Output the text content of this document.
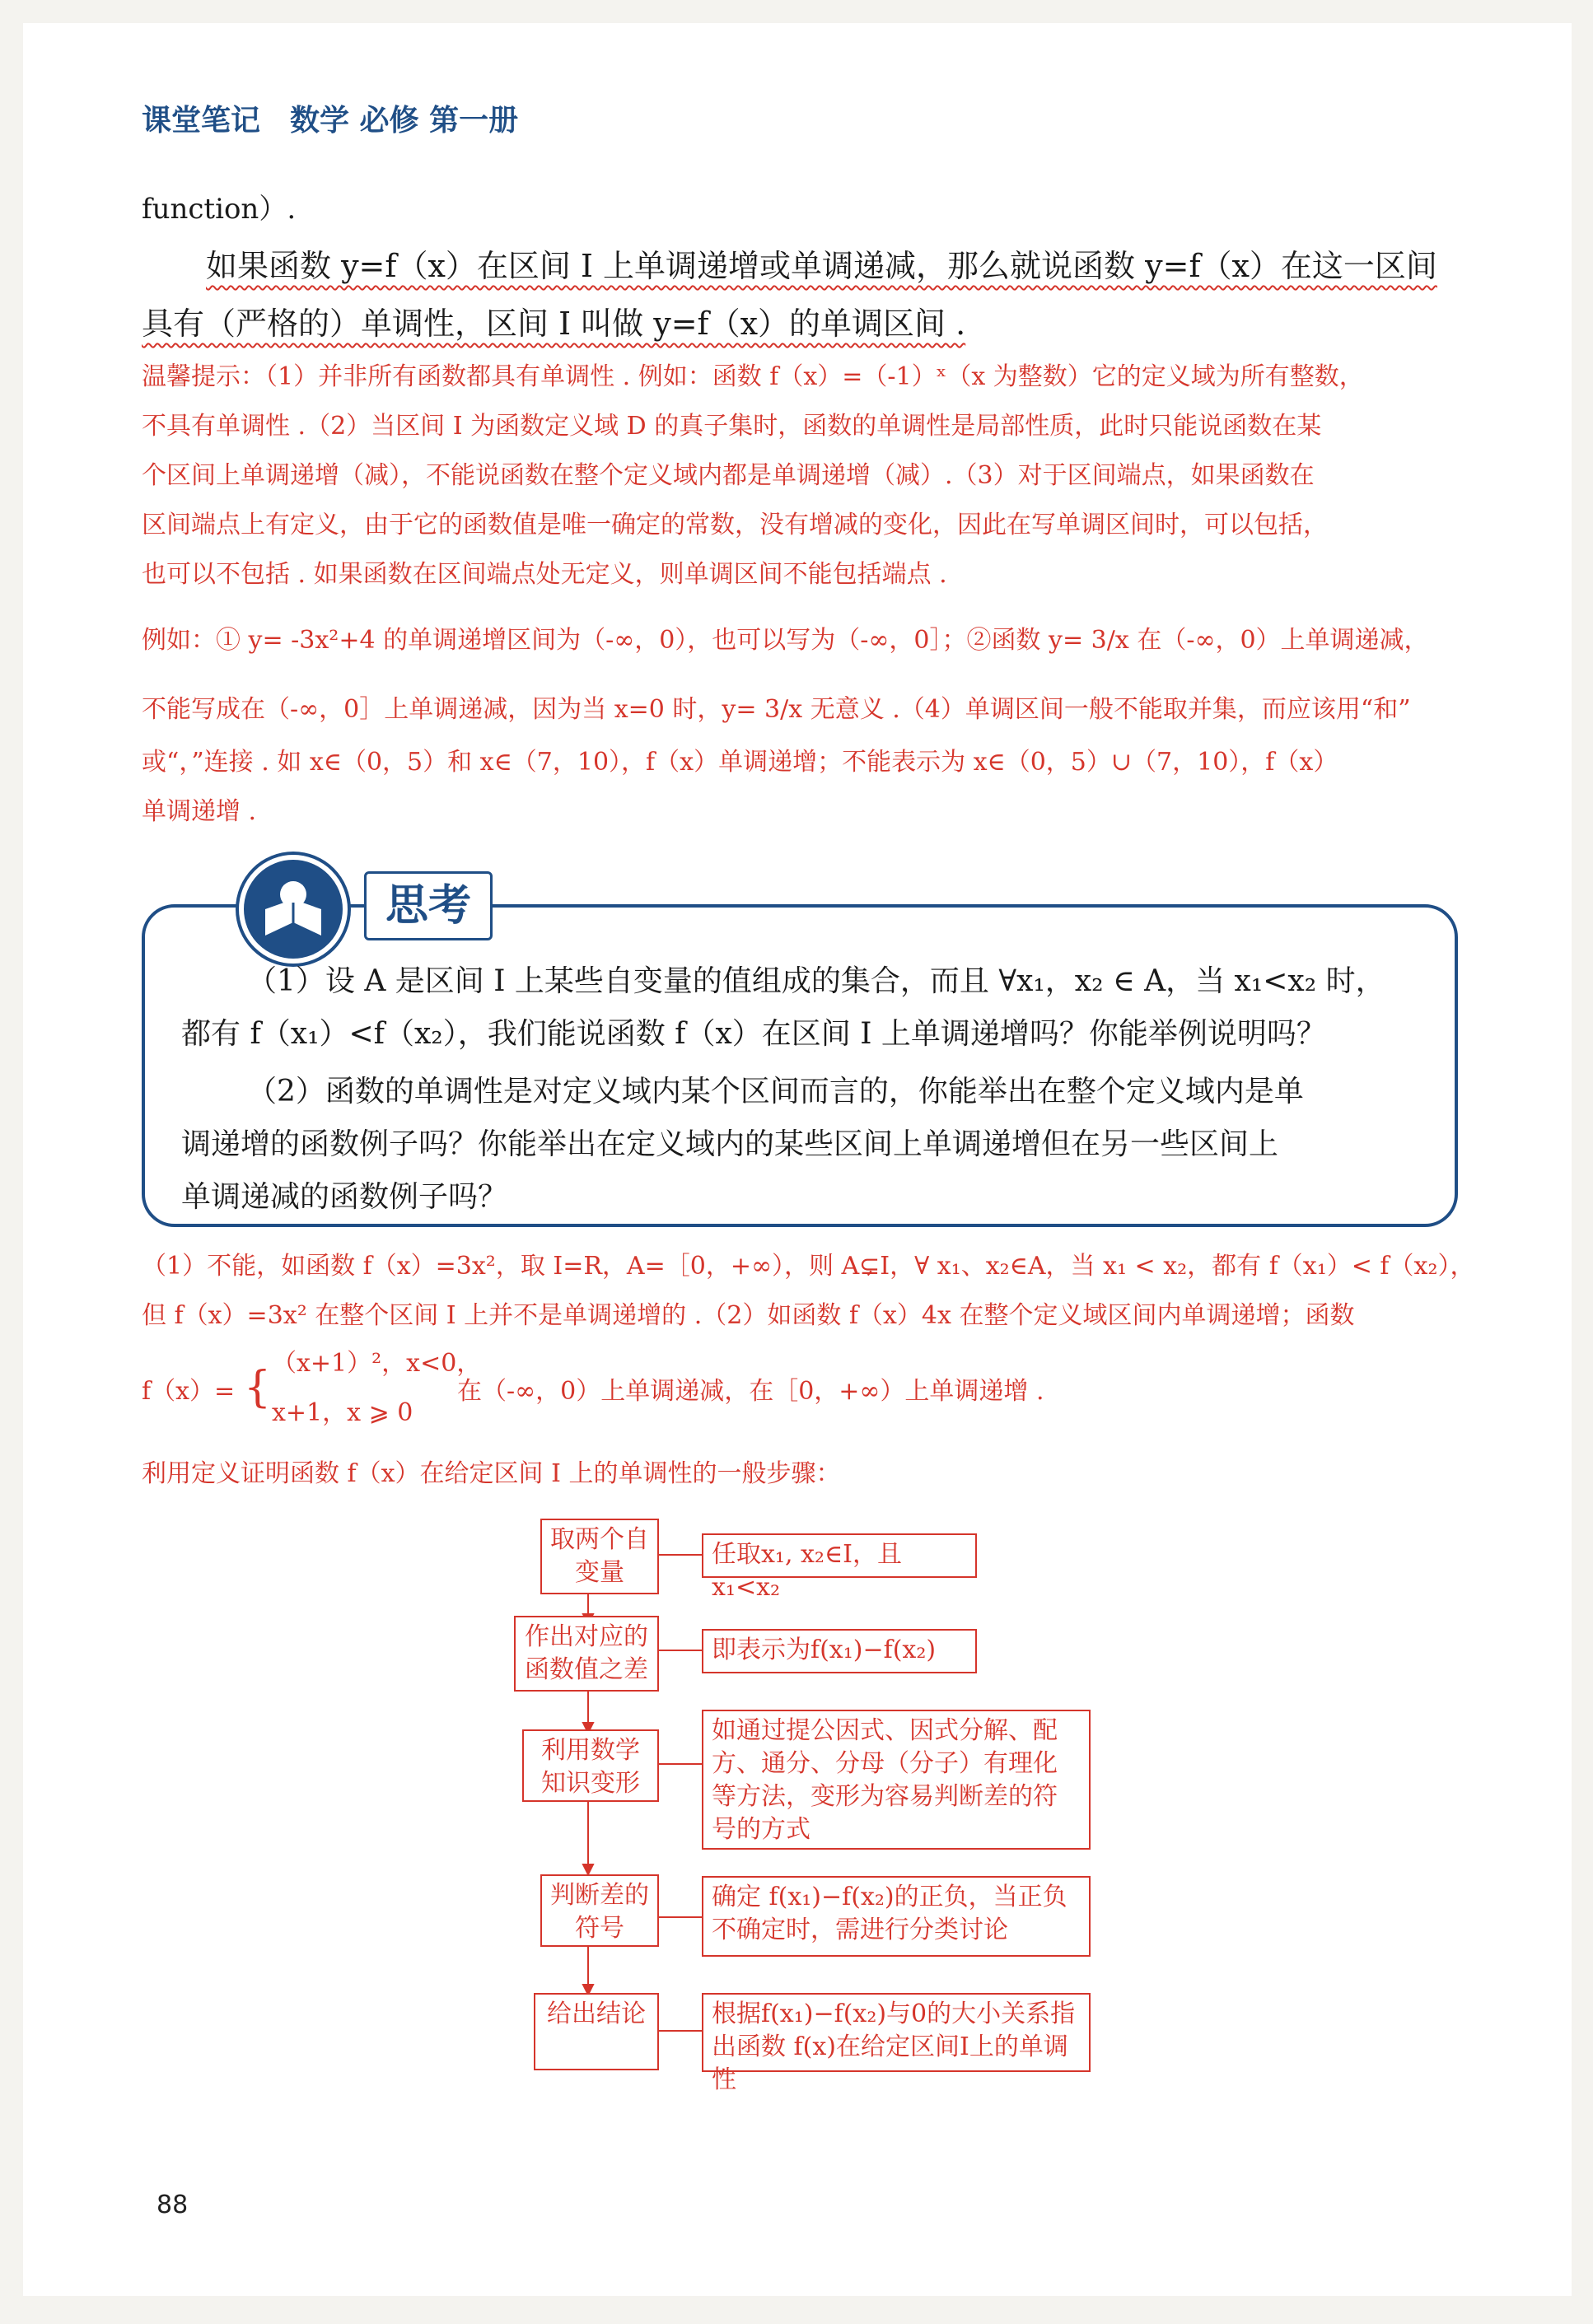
课堂笔记　数学 必修 第一册
function）.
如果函数 y=f（x）在区间 I 上单调递增或单调递减，那么就说函数 y=f（x）在这一区间
具有（严格的）单调性，区间 I 叫做 y=f（x）的单调区间 .
温馨提示：（1）并非所有函数都具有单调性 . 例如：函数 f（x）=（-1）ˣ（x 为整数）它的定义域为所有整数，
不具有单调性 .（2）当区间 I 为函数定义域 D 的真子集时，函数的单调性是局部性质，此时只能说函数在某
个区间上单调递增（减），不能说函数在整个定义域内都是单调递增（减）.（3）对于区间端点，如果函数在
区间端点上有定义，由于它的函数值是唯一确定的常数，没有增减的变化，因此在写单调区间时，可以包括，
也可以不包括 . 如果函数在区间端点处无定义，则单调区间不能包括端点 .
例如：① y= -3x²+4 的单调递增区间为（-∞，0），也可以写为（-∞，0］；②函数 y= 3/x 在（-∞，0）上单调递减，
不能写成在（-∞，0］上单调递减，因为当 x=0 时，y= 3/x 无意义 .（4）单调区间一般不能取并集，而应该用“和”
或“，”连接 . 如 x∈（0，5）和 x∈（7，10），f（x）单调递增；不能表示为 x∈（0，5）∪（7，10），f（x）
单调递增 .
思考
（1）设 A 是区间 I 上某些自变量的值组成的集合，而且 ∀x₁，x₂ ∈ A，当 x₁<x₂ 时，
都有 f（x₁）<f（x₂），我们能说函数 f（x）在区间 I 上单调递增吗？你能举例说明吗？
（2）函数的单调性是对定义域内某个区间而言的，你能举出在整个定义域内是单
调递增的函数例子吗？你能举出在定义域内的某些区间上单调递增但在另一些区间上
单调递减的函数例子吗？
（1）不能，如函数 f（x）=3x²，取 I=R，A=［0，+∞），则 A⊊I，∀ x₁、x₂∈A，当 x₁ < x₂，都有 f（x₁）< f（x₂），
但 f（x）=3x² 在整个区间 I 上并不是单调递增的 .（2）如函数 f（x）4x 在整个定义域区间内单调递增；函数
f（x）= { （x+1）²，x<0，
x+1，x ⩾ 0
在（-∞，0）上单调递减，在［0，+∞）上单调递增 .
利用定义证明函数 f（x）在给定区间 I 上的单调性的一般步骤：
取两个自变量
任取x₁, x₂∈I，且x₁<x₂
作出对应的函数值之差
即表示为f(x₁)−f(x₂)
利用数学知识变形
如通过提公因式、因式分解、配方、通分、分母（分子）有理化等方法，变形为容易判断差的符号的方式
判断差的符号
确定 f(x₁)−f(x₂)的正负，当正负不确定时，需进行分类讨论
给出结论	根据f(x₁)−f(x₂)与0的大小关系指出函数 f(x)在给定区间I上的单调性
88
